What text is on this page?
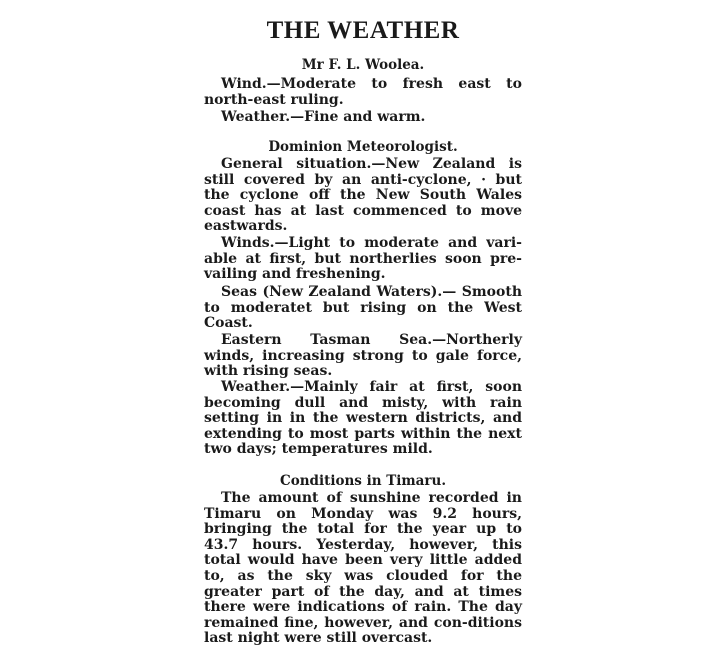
THE WEATHER
Mr F. L. Woolea.

Wind.—Moderate to fresh east to north-east ruling.

Weather.—Fine and warm.

Dominion Meteorologist.

General situation.—New Zealand is still covered by an anti-cyclone, · but the cyclone off the New South Wales coast has at last commenced to move eastwards.

Winds.—Light to moderate and vari-able at first, but northerlies soon pre-vailing and freshening.

Seas (New Zealand Waters).— Smooth to moderatet but rising on the West Coast.

Eastern Tasman Sea.—Northerly winds, increasing strong to gale force, with rising seas.

Weather.—Mainly fair at first, soon becoming dull and misty, with rain setting in in the western districts, and extending to most parts within the next two days; temperatures mild.

Conditions in Timaru.

The amount of sunshine recorded in Timaru on Monday was 9.2 hours, bringing the total for the year up to 43.7 hours. Yesterday, however, this total would have been very little added to, as the sky was clouded for the greater part of the day, and at times there were indications of rain. The day remained fine, however, and con-ditions last night were still overcast.
